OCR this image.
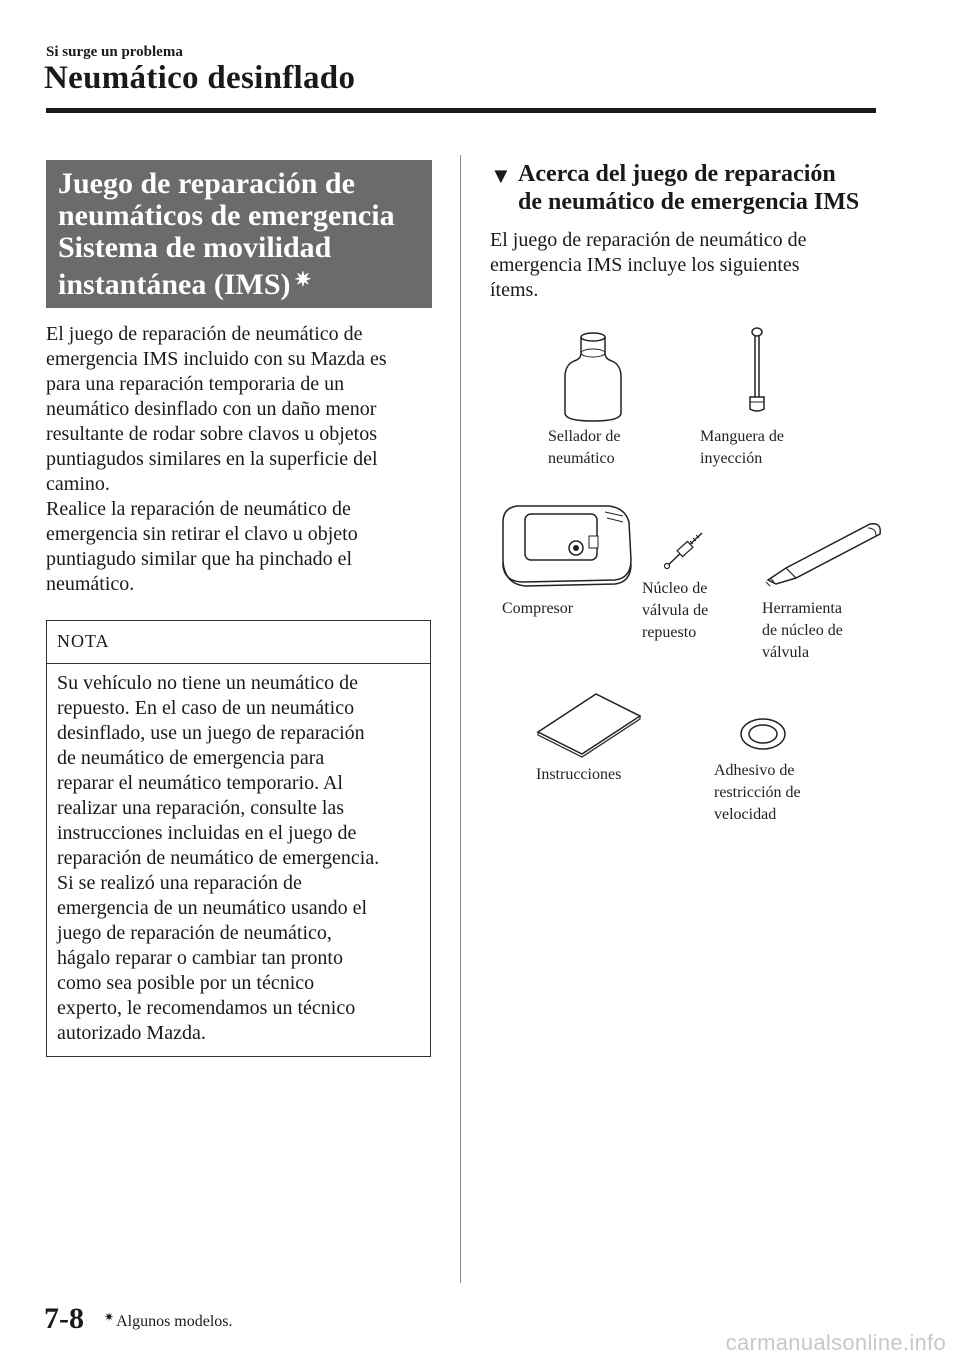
Si surge un problema
Neumático desinflado
Juego de reparación de
neumáticos de emergencia
Sistema de movilidad
instantánea (IMS) ✷
El juego de reparación de neumático de
emergencia IMS incluido con su Mazda es
para una reparación temporaria de un
neumático desinflado con un daño menor
resultante de rodar sobre clavos u objetos
puntiagudos similares en la superficie del
camino.
Realice la reparación de neumático de
emergencia sin retirar el clavo u objeto
puntiagudo similar que ha pinchado el
neumático.
NOTA
Su vehículo no tiene un neumático de
repuesto. En el caso de un neumático
desinflado, use un juego de reparación
de neumático de emergencia para
reparar el neumático temporario. Al
realizar una reparación, consulte las
instrucciones incluidas en el juego de
reparación de neumático de emergencia.
Si se realizó una reparación de
emergencia de un neumático usando el
juego de reparación de neumático,
hágalo reparar o cambiar tan pronto
como sea posible por un técnico
experto, le recomendamos un técnico
autorizado Mazda.
▼ Acerca del juego de reparación
de neumático de emergencia IMS
El juego de reparación de neumático de
emergencia IMS incluye los siguientes
ítems.
Sellador de
neumático
Manguera de
inyección
Compresor
Núcleo de
válvula de
repuesto
Herramienta
de núcleo de
válvula
Instrucciones	Adhesivo de
restricción de
velocidad
7-8 ✷ Algunos modelos.
carmanualsonline.info
